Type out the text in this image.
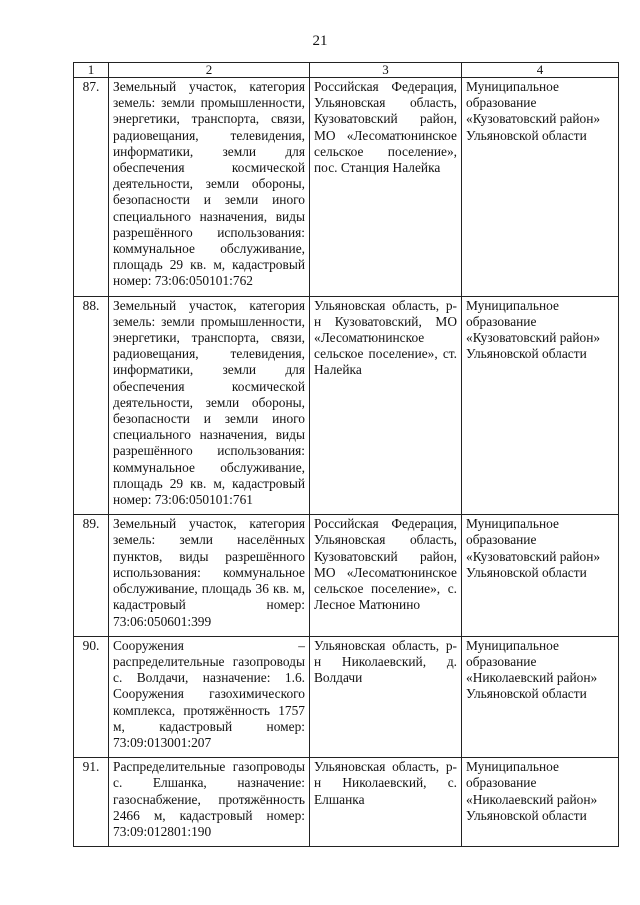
21
1	2	3	4
87.	Земельный участок, категория земель: земли промышленности, энергетики, транспорта, связи, радиовещания, телевидения, информатики, земли для обеспечения космической деятельности, земли обороны, безопасности и земли иного специального назначения, виды разрешённого использования: коммунальное обслуживание, площадь 29 кв. м, кадастровый номер: 73:06:050101:762	Российская Федерация, Ульяновская область, Кузоватовский район, МО «Лесоматюнинское сельское поселение», пос. Станция Налейка	Муниципальное образование «Кузоватовский район» Ульяновской области
88.	Земельный участок, категория земель: земли промышленности, энергетики, транспорта, связи, радиовещания, телевидения, информатики, земли для обеспечения космической деятельности, земли обороны, безопасности и земли иного специального назначения, виды разрешённого использования: коммунальное обслуживание, площадь 29 кв. м, кадастровый номер: 73:06:050101:761	Ульяновская область, р-н Кузоватовский, МО «Лесоматюнинское сельское поселение», ст. Налейка	Муниципальное образование «Кузоватовский район» Ульяновской области
89.	Земельный участок, категория земель: земли населённых пунктов, виды разрешённого использования: коммунальное обслуживание, площадь 36 кв. м, кадастровый номер: 73:06:050601:399	Российская Федерация, Ульяновская область, Кузоватовский район, МО «Лесоматюнинское сельское поселение», с. Лесное Матюнино	Муниципальное образование «Кузоватовский район» Ульяновской области
90.	Сооружения – распределительные газопроводы с. Волдачи, назначение: 1.6. Сооружения газохимического комплекса, протяжённость 1757 м, кадастровый номер: 73:09:013001:207	Ульяновская область, р-н Николаевский, д. Волдачи	Муниципальное образование «Николаевский район» Ульяновской области
91.	Распределительные газопроводы с. Елшанка, назначение: газоснабжение, протяжённость 2466 м, кадастровый номер: 73:09:012801:190	Ульяновская область, р-н Николаевский, с. Елшанка	Муниципальное образование «Николаевский район» Ульяновской области
